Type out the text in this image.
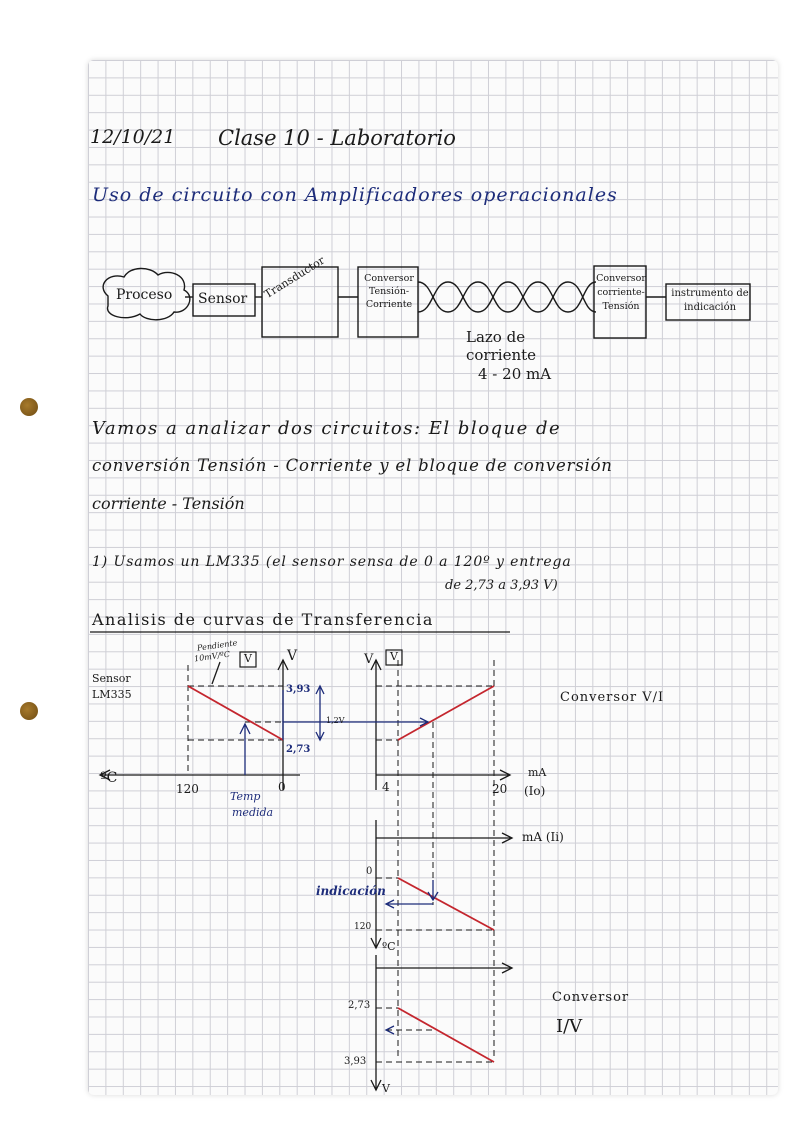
12/10/21 Clase 10 - Laboratorio
Uso de circuito con Amplificadores operacionales
Proceso Sensor Transductor	Conversor Tensión-Corriente
Conversor corriente-Tensión
instrumento de indicación
Lazo de
corriente
4 - 20 mA
Vamos a analizar dos circuitos: El bloque de
conversión Tensión - Corriente y el bloque de conversión
corriente - Tensión
1) Usamos un LM335 (el sensor sensa de 0 a 120º y entrega
de 2,73 a 3,93 V)
Analisis de curvas de Transferencia
Sensor
LM335
Pendiente
10mV/ºC V	V
ºC
120	0
3,93
2,73
Temp
medida
V V
1,2V
4	20
mA
(Io)
Conversor V/I
mA (Ii)
0
120
ºC
indicación
2,73
3,93
V
Conversor
I/V
